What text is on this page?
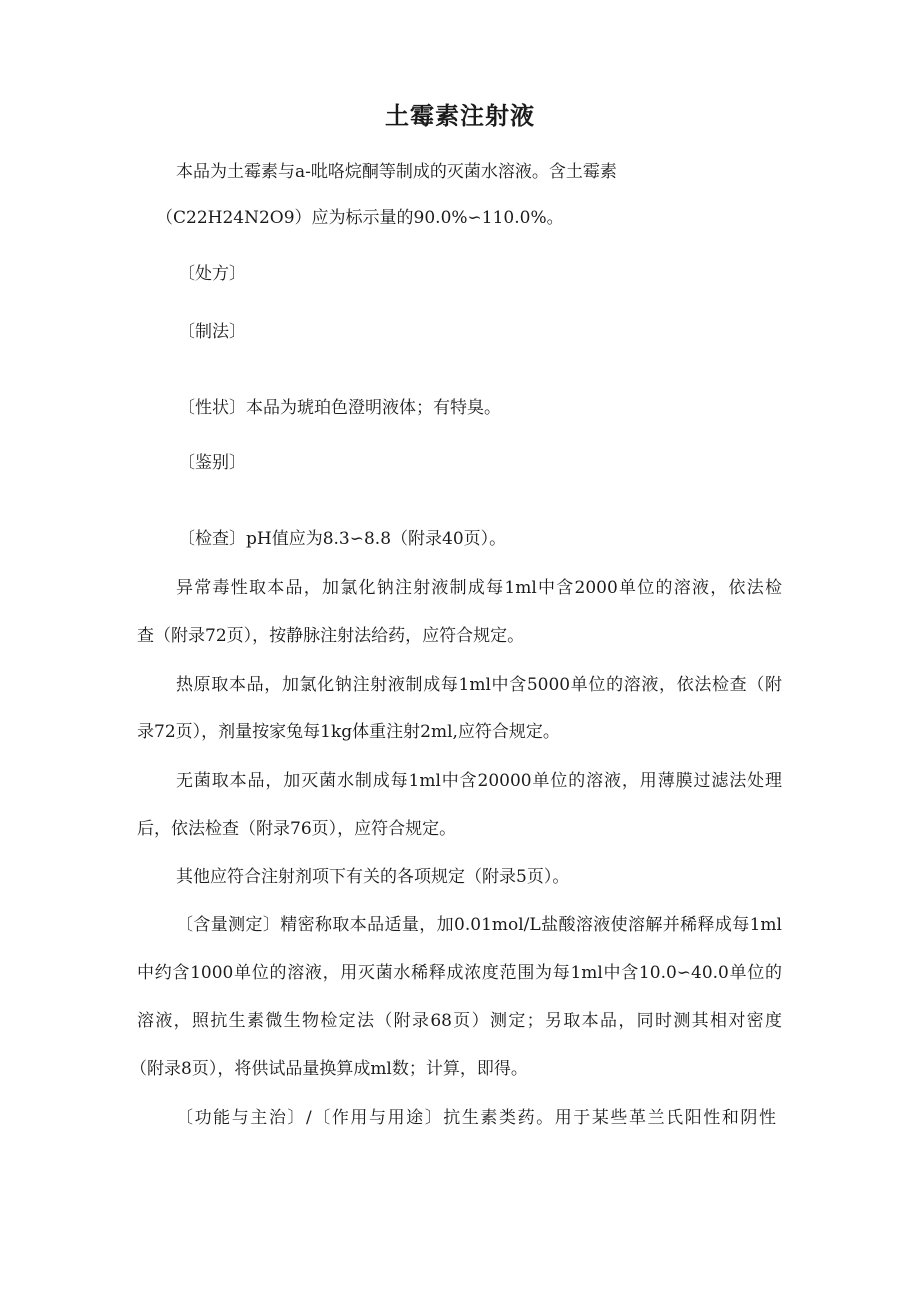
土霉素注射液

本品为土霉素与a-吡咯烷酮等制成的灭菌水溶液。含土霉素

（C22H24N2O9）应为标示量的90.0%∽110.0%。

〔处方〕

〔制法〕

〔性状〕本品为琥珀色澄明液体；有特臭。

〔鉴别〕

〔检查〕pH值应为8.3∽8.8（附录40页）。

异常毒性取本品，加氯化钠注射液制成每1ml中含2000单位的溶液，依法检

查（附录72页），按静脉注射法给药，应符合规定。

热原取本品，加氯化钠注射液制成每1ml中含5000单位的溶液，依法检查（附

录72页），剂量按家兔每1kg体重注射2ml,应符合规定。

无菌取本品，加灭菌水制成每1ml中含20000单位的溶液，用薄膜过滤法处理

后，依法检查（附录76页），应符合规定。

其他应符合注射剂项下有关的各项规定（附录5页）。

〔含量测定〕精密称取本品适量，加0.01mol/L盐酸溶液使溶解并稀释成每1ml

中约含1000单位的溶液，用灭菌水稀释成浓度范围为每1ml中含10.0∽40.0单位的

溶液，照抗生素微生物检定法（附录68页）测定；另取本品，同时测其相对密度

（附录8页），将供试品量换算成ml数；计算，即得。

〔功能与主治〕/〔作用与用途〕抗生素类药。用于某些革兰氏阳性和阴性
